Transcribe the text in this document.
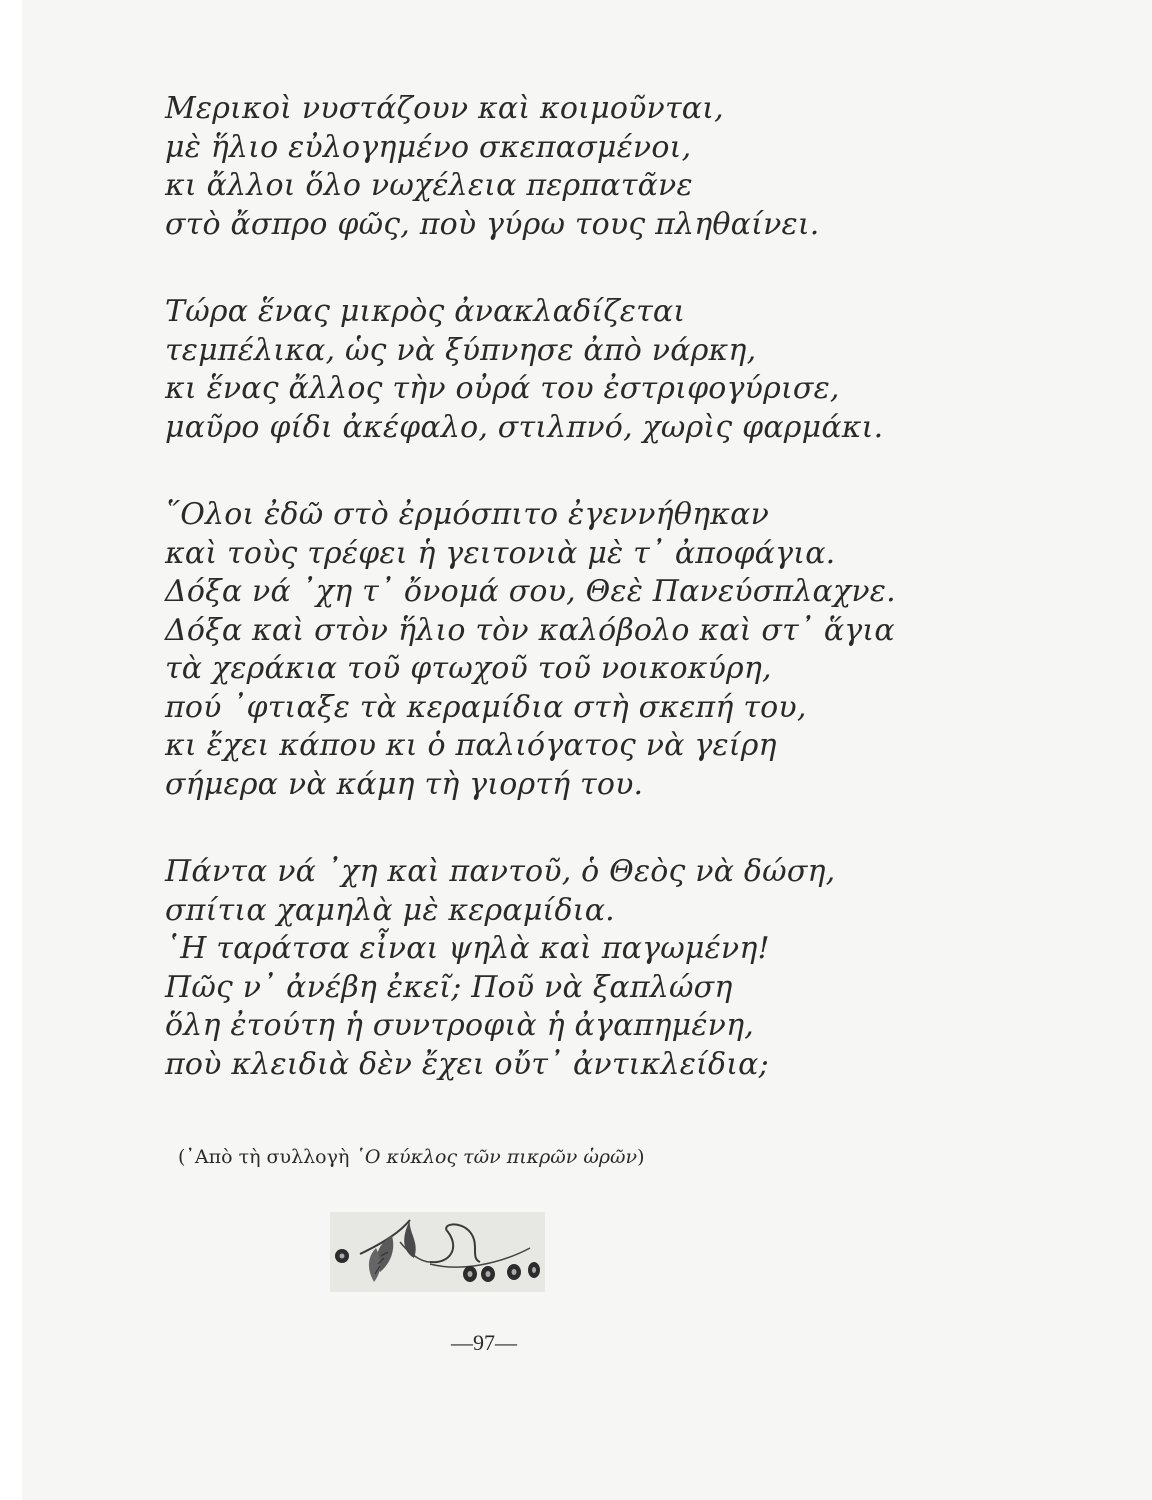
Μερικοὶ νυστάζουν καὶ κοιμοῦνται,
μὲ ἥλιο εὐλογημένο σκεπασμένοι,
κι ἄλλοι ὅλο νωχέλεια περπατᾶνε
στὸ ἄσπρο φῶς, ποὺ γύρω τους πληθαίνει.
Τώρα ἕνας μικρὸς ἀνακλαδίζεται
τεμπέλικα, ὡς νὰ ξύπνησε ἀπὸ νάρκη,
κι ἕνας ἄλλος τὴν οὐρά του ἐστριφογύρισε,
μαῦρο φίδι ἀκέφαλο, στιλπνό, χωρὶς φαρμάκι.
῞Ολοι ἐδῶ στὸ ἐρμόσπιτο ἐγεννήθηκαν
καὶ τοὺς τρέφει ἡ γειτονιὰ μὲ τ᾽ ἀποφάγια.
Δόξα νά ᾽χη τ᾽ ὄνομά σου, Θεὲ Πανεύσπλαχνε.
Δόξα καὶ στὸν ἥλιο τὸν καλόβολο καὶ στ᾽ ἅγια
τὰ χεράκια τοῦ φτωχοῦ τοῦ νοικοκύρη,
πού ᾽φτιαξε τὰ κεραμίδια στὴ σκεπή του,
κι ἔχει κάπου κι ὁ παλιόγατος νὰ γείρη
σήμερα νὰ κάμη τὴ γιορτή του.
Πάντα νά ᾽χη καὶ παντοῦ, ὁ Θεὸς νὰ δώση,
σπίτια χαμηλὰ μὲ κεραμίδια.
῾Η ταράτσα εἶναι ψηλὰ καὶ παγωμένη!
Πῶς ν᾽ ἀνέβη ἐκεῖ; Ποῦ νὰ ξαπλώση
ὅλη ἐτούτη ἡ συντροφιὰ ἡ ἀγαπημένη,
ποὺ κλειδιὰ δὲν ἔχει οὔτ᾽ ἀντικλείδια;
(᾿Απὸ τὴ συλλογὴ ῾Ο κύκλος τῶν πικρῶν ὡρῶν)
—97—
